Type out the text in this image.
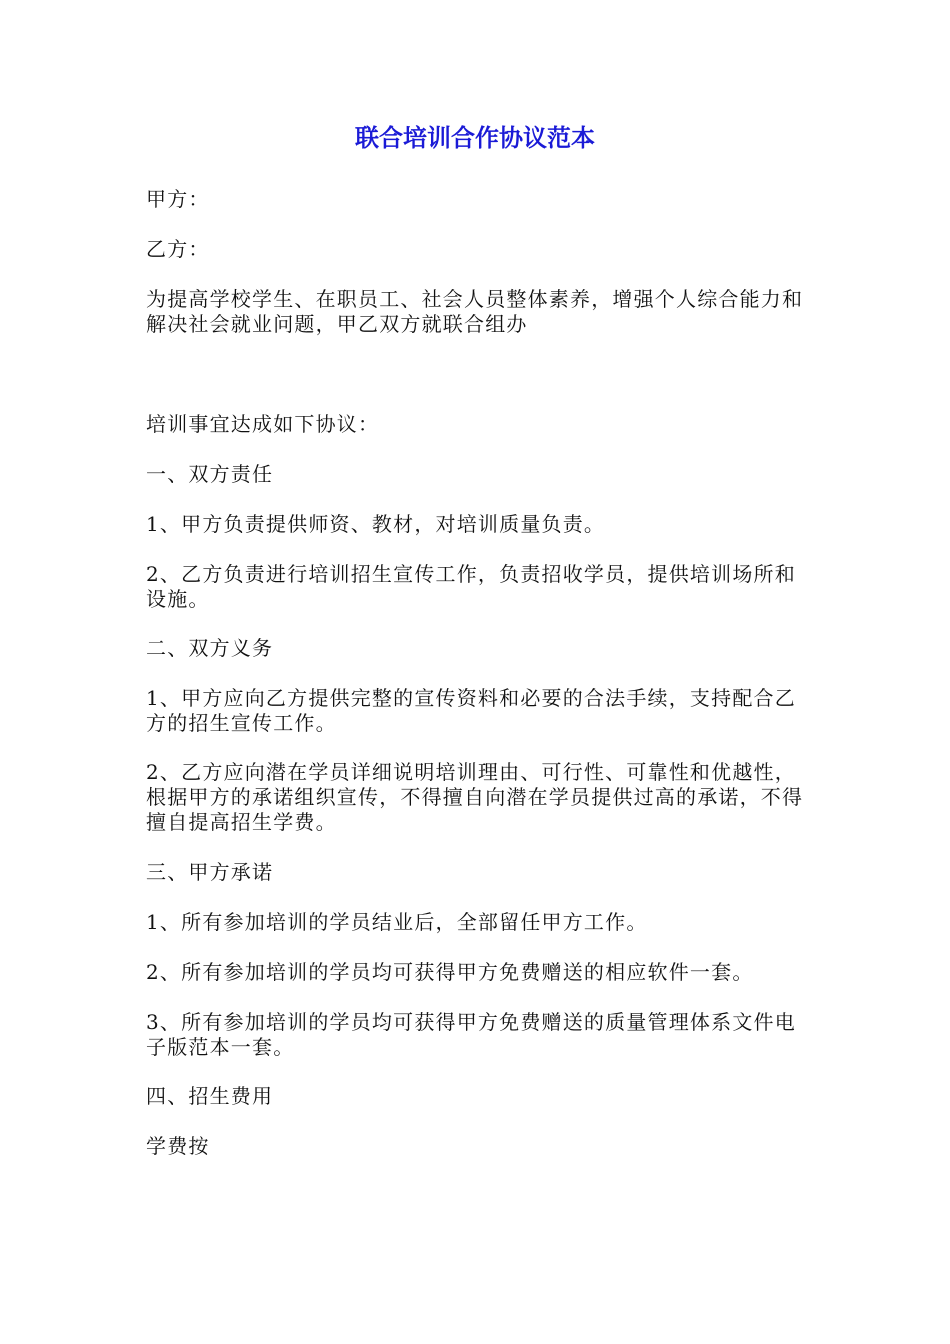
联合培训合作协议范本

甲方：

乙方：

为提高学校学生、在职员工、社会人员整体素养，增强个人综合能力和解决社会就业问题，甲乙双方就联合组办

培训事宜达成如下协议：

一、双方责任

1、甲方负责提供师资、教材，对培训质量负责。

2、乙方负责进行培训招生宣传工作，负责招收学员，提供培训场所和设施。

二、双方义务

1、甲方应向乙方提供完整的宣传资料和必要的合法手续，支持配合乙方的招生宣传工作。

2、乙方应向潜在学员详细说明培训理由、可行性、可靠性和优越性，根据甲方的承诺组织宣传，不得擅自向潜在学员提供过高的承诺，不得擅自提高招生学费。

三、甲方承诺

1、所有参加培训的学员结业后，全部留任甲方工作。

2、所有参加培训的学员均可获得甲方免费赠送的相应软件一套。

3、所有参加培训的学员均可获得甲方免费赠送的质量管理体系文件电子版范本一套。

四、招生费用

学费按
